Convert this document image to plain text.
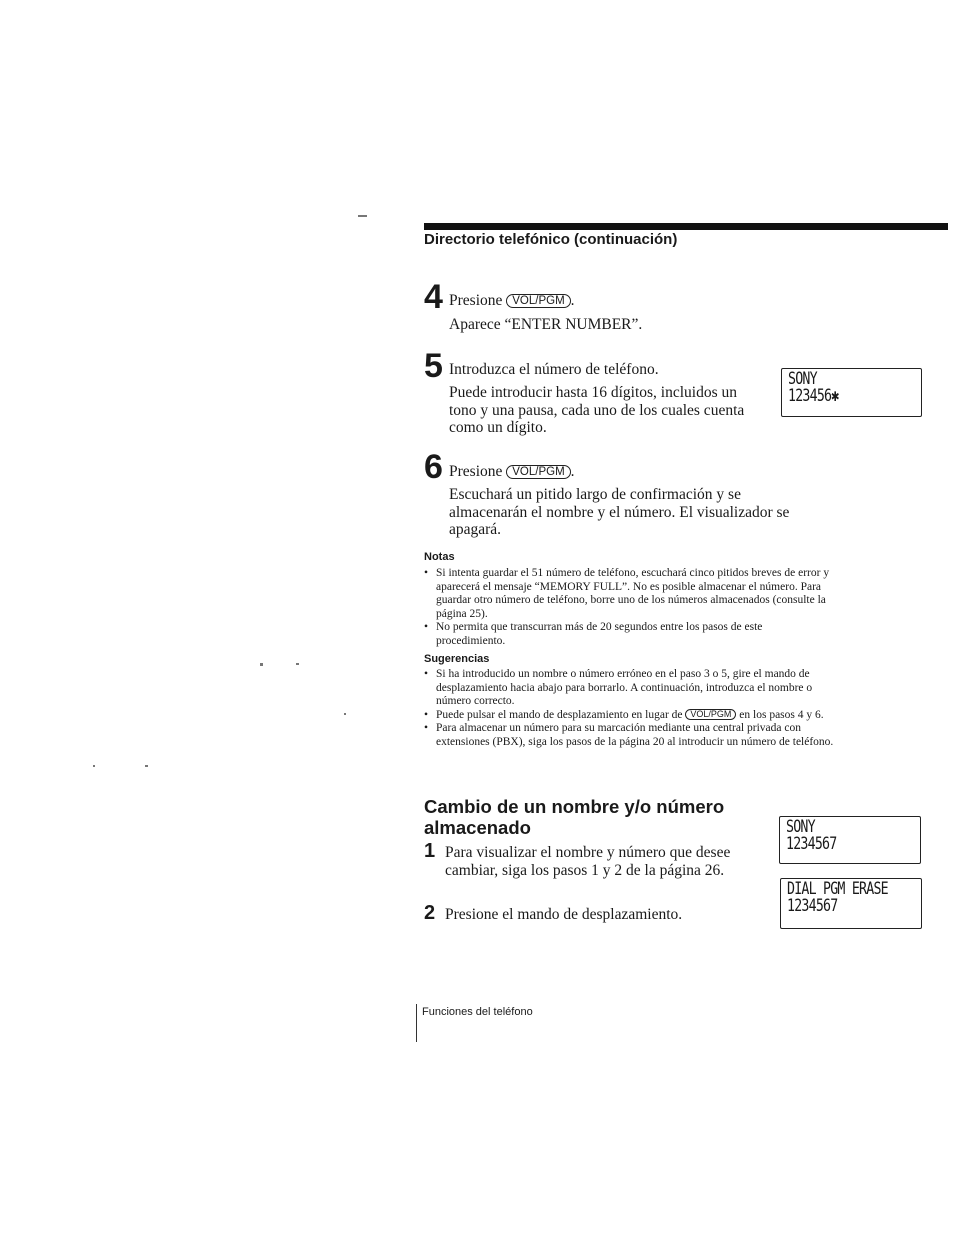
Directorio telefónico (continuación)
4 Presione VOL/PGM .
Aparece “ENTER NUMBER”.
5 Introduzca el número de teléfono.
Puede introducir hasta 16 dígitos, incluidos un tono y una pausa, cada uno de los cuales cuenta como un dígito.
SONY
123456✱
6 Presione VOL/PGM .
Escuchará un pitido largo de confirmación y se almacenarán el nombre y el número. El visualizador se apagará.
Notas
• Si intenta guardar el 51 número de teléfono, escuchará cinco pitidos breves de error y aparecerá el mensaje “MEMORY FULL”. No es posible almacenar el número. Para guardar otro número de teléfono, borre uno de los números almacenados (consulte la página 25).
• No permita que transcurran más de 20 segundos entre los pasos de este procedimiento.
Sugerencias
• Si ha introducido un nombre o número erróneo en el paso 3 o 5, gire el mando de desplazamiento hacia abajo para borrarlo. A continuación, introduzca el nombre o número correcto.
• Puede pulsar el mando de desplazamiento en lugar de VOL/PGM en los pasos 4 y 6.
• Para almacenar un número para su marcación mediante una central privada con extensiones (PBX), siga los pasos de la página 20 al introducir un número de teléfono.
Cambio de un nombre y/o número
almacenado
1 Para visualizar el nombre y número que desee cambiar, siga los pasos 1 y 2 de la página 26.
2 Presione el mando de desplazamiento.
SONY
1234567
DIAL PGM ERASE
1234567
Funciones del teléfono
